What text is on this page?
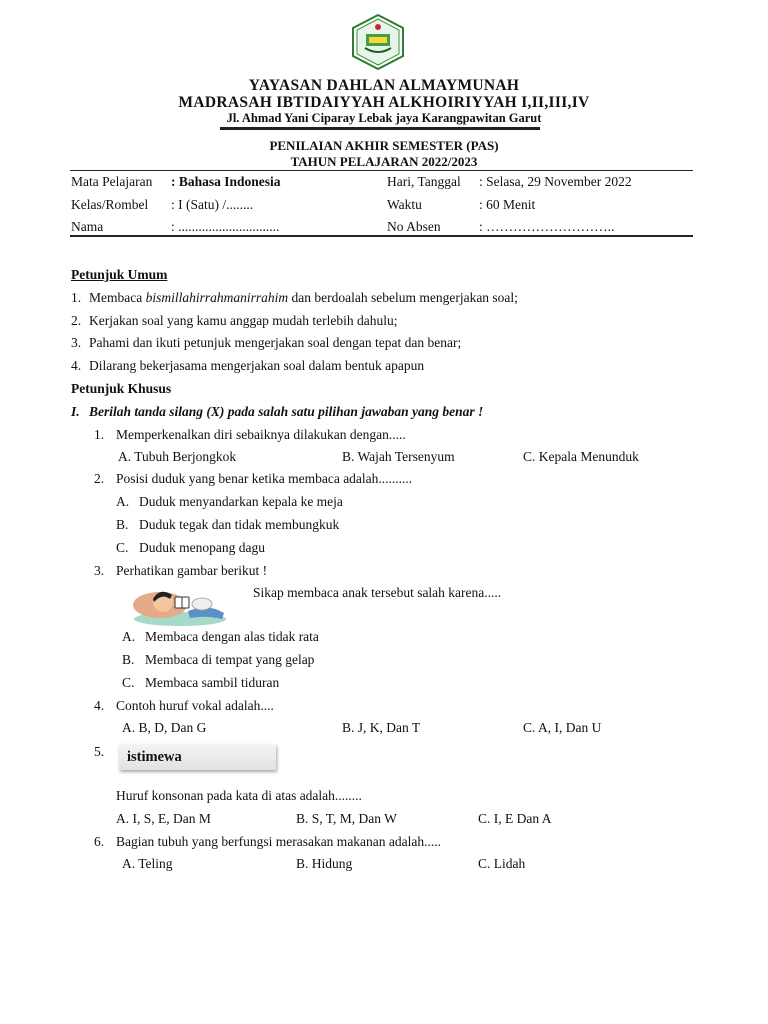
YAYASAN DAHLAN ALMAYMUNAH
MADRASAH IBTIDAIYYAH ALKHOIRIYYAH I,II,III,IV
Jl. Ahmad Yani Ciparay Lebak jaya Karangpawitan Garut
PENILAIAN AKHIR SEMESTER (PAS)
TAHUN PELAJARAN 2022/2023
Mata Pelajaran : Bahasa Indonesia	Hari, Tanggal : Selasa, 29 November 2022
Kelas/Rombel : I (Satu) /........	Waktu	: 60 Menit
Nama	: ..............................	No Absen	: ………………………..
Petunjuk Umum
1. Membaca bismillahirrahmanirrahim dan berdoalah sebelum mengerjakan soal;
2. Kerjakan soal yang kamu anggap mudah terlebih dahulu;
3. Pahami dan ikuti petunjuk mengerjakan soal dengan tepat dan benar;
4. Dilarang bekerjasama mengerjakan soal dalam bentuk apapun
Petunjuk Khusus
I. Berilah tanda silang (X) pada salah satu pilihan jawaban yang benar !
1. Memperkenalkan diri sebaiknya dilakukan dengan.....
A. Tubuh Berjongkok	B. Wajah Tersenyum	C. Kepala Menunduk
2. Posisi duduk yang benar ketika membaca adalah..........
A. Duduk menyandarkan kepala ke meja
B. Duduk tegak dan tidak membungkuk
C. Duduk menopang dagu
3. Perhatikan gambar berikut !
Sikap membaca anak tersebut salah karena.....
A. Membaca dengan alas tidak rata
B. Membaca di tempat yang gelap
C. Membaca sambil tiduran
4. Contoh huruf vokal adalah....
A. B, D, Dan G	B. J, K, Dan T	C. A, I, Dan U
5. istimewa
Huruf konsonan pada kata di atas adalah........
A. I, S, E, Dan M	B. S, T, M, Dan W	C. I, E Dan A
6. Bagian tubuh yang berfungsi merasakan makanan adalah.....
A. Teling	B. Hidung	C. Lidah
